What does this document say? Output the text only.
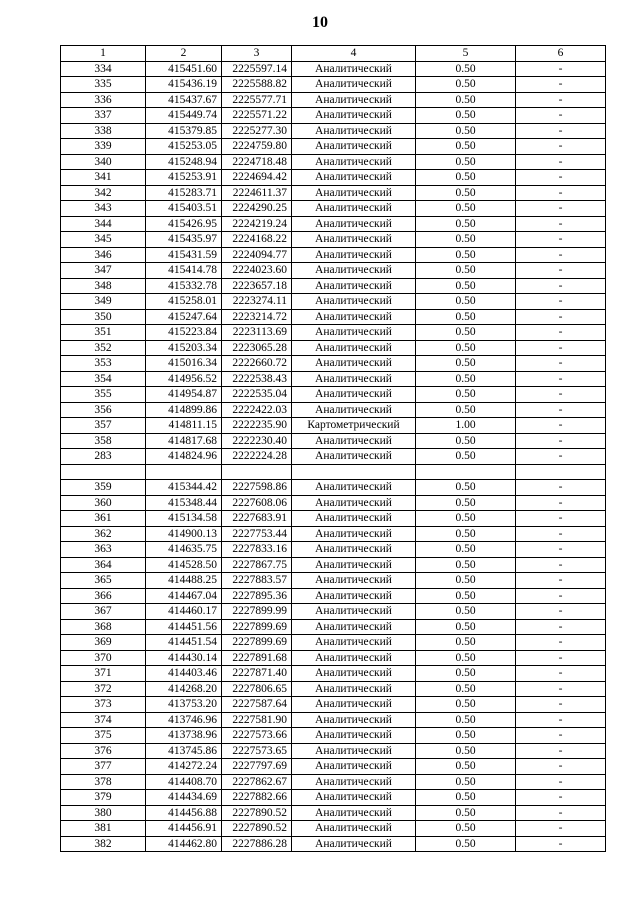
10
1	2	3	4	5	6
334	415451.60	2225597.14	Аналитический	0.50	-
335	415436.19	2225588.82	Аналитический	0.50	-
336	415437.67	2225577.71	Аналитический	0.50	-
337	415449.74	2225571.22	Аналитический	0.50	-
338	415379.85	2225277.30	Аналитический	0.50	-
339	415253.05	2224759.80	Аналитический	0.50	-
340	415248.94	2224718.48	Аналитический	0.50	-
341	415253.91	2224694.42	Аналитический	0.50	-
342	415283.71	2224611.37	Аналитический	0.50	-
343	415403.51	2224290.25	Аналитический	0.50	-
344	415426.95	2224219.24	Аналитический	0.50	-
345	415435.97	2224168.22	Аналитический	0.50	-
346	415431.59	2224094.77	Аналитический	0.50	-
347	415414.78	2224023.60	Аналитический	0.50	-
348	415332.78	2223657.18	Аналитический	0.50	-
349	415258.01	2223274.11	Аналитический	0.50	-
350	415247.64	2223214.72	Аналитический	0.50	-
351	415223.84	2223113.69	Аналитический	0.50	-
352	415203.34	2223065.28	Аналитический	0.50	-
353	415016.34	2222660.72	Аналитический	0.50	-
354	414956.52	2222538.43	Аналитический	0.50	-
355	414954.87	2222535.04	Аналитический	0.50	-
356	414899.86	2222422.03	Аналитический	0.50	-
357	414811.15	2222235.90	Картометрический	1.00	-
358	414817.68	2222230.40	Аналитический	0.50	-
283	414824.96	2222224.28	Аналитический	0.50	-

359	415344.42	2227598.86	Аналитический	0.50	-
360	415348.44	2227608.06	Аналитический	0.50	-
361	415134.58	2227683.91	Аналитический	0.50	-
362	414900.13	2227753.44	Аналитический	0.50	-
363	414635.75	2227833.16	Аналитический	0.50	-
364	414528.50	2227867.75	Аналитический	0.50	-
365	414488.25	2227883.57	Аналитический	0.50	-
366	414467.04	2227895.36	Аналитический	0.50	-
367	414460.17	2227899.99	Аналитический	0.50	-
368	414451.56	2227899.69	Аналитический	0.50	-
369	414451.54	2227899.69	Аналитический	0.50	-
370	414430.14	2227891.68	Аналитический	0.50	-
371	414403.46	2227871.40	Аналитический	0.50	-
372	414268.20	2227806.65	Аналитический	0.50	-
373	413753.20	2227587.64	Аналитический	0.50	-
374	413746.96	2227581.90	Аналитический	0.50	-
375	413738.96	2227573.66	Аналитический	0.50	-
376	413745.86	2227573.65	Аналитический	0.50	-
377	414272.24	2227797.69	Аналитический	0.50	-
378	414408.70	2227862.67	Аналитический	0.50	-
379	414434.69	2227882.66	Аналитический	0.50	-
380	414456.88	2227890.52	Аналитический	0.50	-
381	414456.91	2227890.52	Аналитический	0.50	-
382	414462.80	2227886.28	Аналитический	0.50	-
